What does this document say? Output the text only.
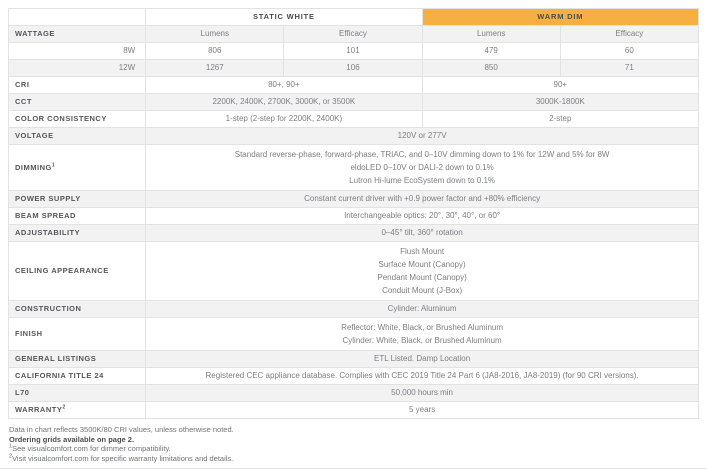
	STATIC WHITE		WARM DIM	
WATTAGE	Lumens	Efficacy	Lumens	Efficacy
8W	806	101	479	60
12W	1267	106	850	71
CRI	80+, 90+		90+	
CCT	2200K, 2400K, 2700K, 3000K, or 3500K		3000K-1800K	
COLOR CONSISTENCY	1-step (2-step for 2200K, 2400K)		2-step	
VOLTAGE	120V or 277V			
DIMMING$^1$	Standard reverse-phase, forward-phase, TRIAC, and 0–10V dimming down to 1% for 12W and 5% for 8W
eldoLED 0–10V or DALI-2 down to 0.1%
Lutron Hi-lume EcoSystem down to 0.1%			

POWER SUPPLY	Constant current driver with +0.9 power factor and +80% efficiency			
BEAM SPREAD	Interchangeable optics: 20°, 30°, 40°, or 60°			
ADJUSTABILITY	0–45° tilt, 360° rotation			
CEILING APPEARANCE	Flush Mount
Surface Mount (Canopy)
Pendant Mount (Canopy)
Conduit Mount (J-Box)			

CONSTRUCTION	Cylinder: Aluminum			
FINISH	Reflector: White, Black, or Brushed Aluminum
Cylinder: White, Black, or Brushed Aluminum			

GENERAL LISTINGS	ETL Listed. Damp Location			
CALIFORNIA TITLE 24	Registered CEC appliance database. Complies with CEC 2019 Title 24 Part 6 (JA8-2016, JA8-2019) (for 90 CRI versions).			
L70	50,000 hours min			
WARRANTY$^2$	5 years			

Data in chart reflects 3500K/80 CRI values, unless otherwise noted.

Ordering grids available on page 2.

$^1$See visualcomfort.com for dimmer compatibility.

$^2$Visit visualcomfort.com for specific warranty limitations and details.
